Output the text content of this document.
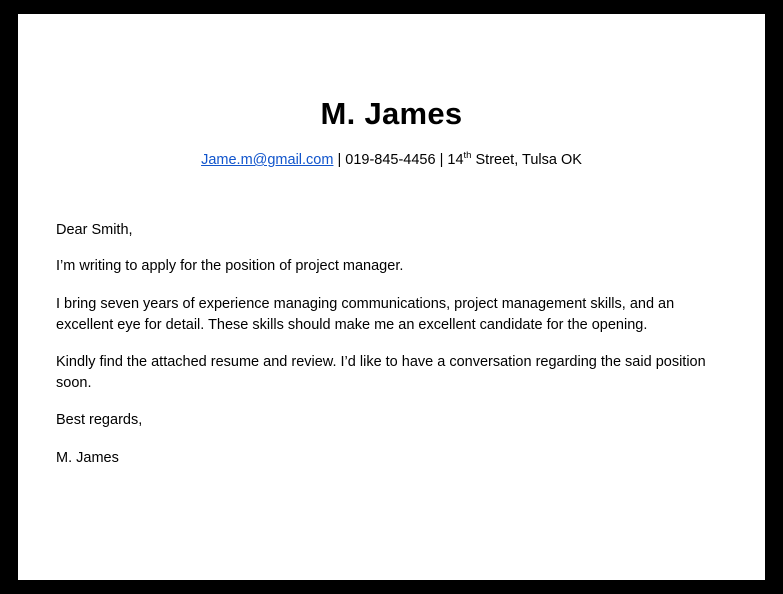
M. James
Jame.m@gmail.com | 019-845-4456 | 14th Street, Tulsa OK

Dear Smith,

I’m writing to apply for the position of project manager.

I bring seven years of experience managing communications, project management skills, and an excellent eye for detail. These skills should make me an excellent candidate for the opening.

Kindly find the attached resume and review. I’d like to have a conversation regarding the said position soon.

Best regards,

M. James
